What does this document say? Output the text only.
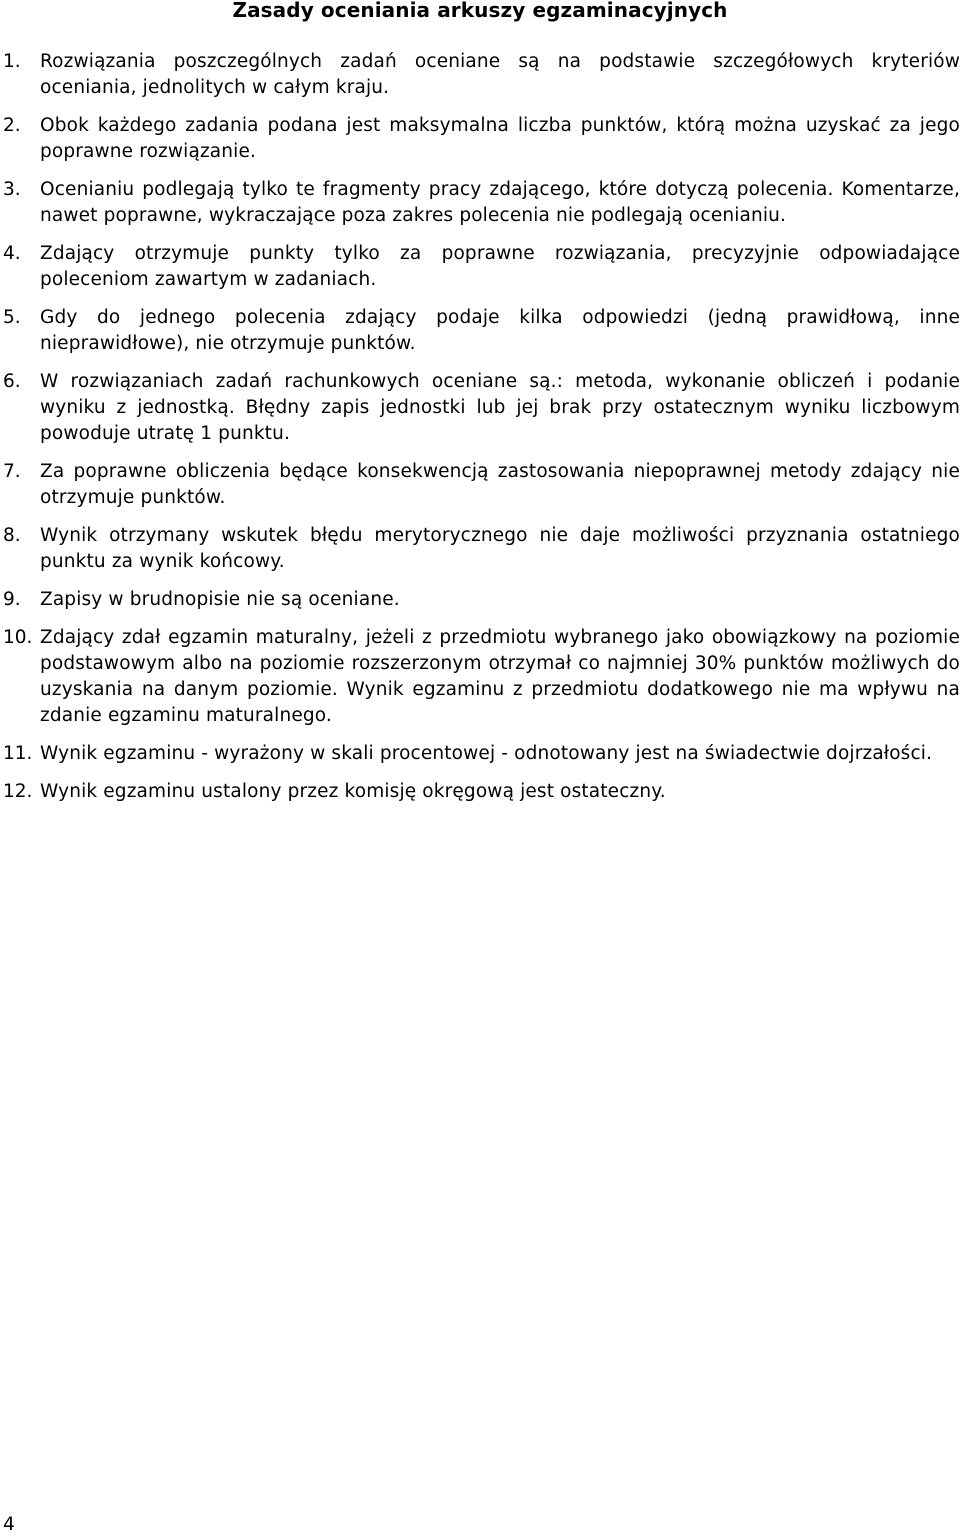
Zasady oceniania arkuszy egzaminacyjnych
1.	Rozwiązania poszczególnych zadań oceniane są na podstawie szczegółowych kryteriów oceniania, jednolitych w całym kraju.
2.	Obok każdego zadania podana jest maksymalna liczba punktów, którą można uzyskać za jego poprawne rozwiązanie.
3.	Ocenianiu podlegają tylko te fragmenty pracy zdającego, które dotyczą polecenia. Komentarze, nawet poprawne, wykraczające poza zakres polecenia nie podlegają ocenianiu.
4.	Zdający otrzymuje punkty tylko za poprawne rozwiązania, precyzyjnie odpowiadające poleceniom zawartym w zadaniach.
5.	Gdy do jednego polecenia zdający podaje kilka odpowiedzi (jedną prawidłową, inne nieprawidłowe), nie otrzymuje punktów.
6.	W rozwiązaniach zadań rachunkowych oceniane są.: metoda, wykonanie obliczeń i podanie wyniku z jednostką. Błędny zapis jednostki lub jej brak przy ostatecznym wyniku liczbowym powoduje utratę 1 punktu.
7.	Za poprawne obliczenia będące konsekwencją zastosowania niepoprawnej metody zdający nie otrzymuje punktów.
8.	Wynik otrzymany wskutek błędu merytorycznego nie daje możliwości przyznania ostatniego punktu za wynik końcowy.
9.	Zapisy w brudnopisie nie są oceniane.
10. Zdający zdał egzamin maturalny, jeżeli z przedmiotu wybranego jako obowiązkowy na poziomie podstawowym albo na poziomie rozszerzonym otrzymał co najmniej 30% punktów możliwych do uzyskania na danym poziomie. Wynik egzaminu z przedmiotu dodatkowego nie ma wpływu na zdanie egzaminu maturalnego.
11. Wynik egzaminu - wyrażony w skali procentowej - odnotowany jest na świadectwie dojrzałości.
12. Wynik egzaminu ustalony przez komisję okręgową jest ostateczny.
4
